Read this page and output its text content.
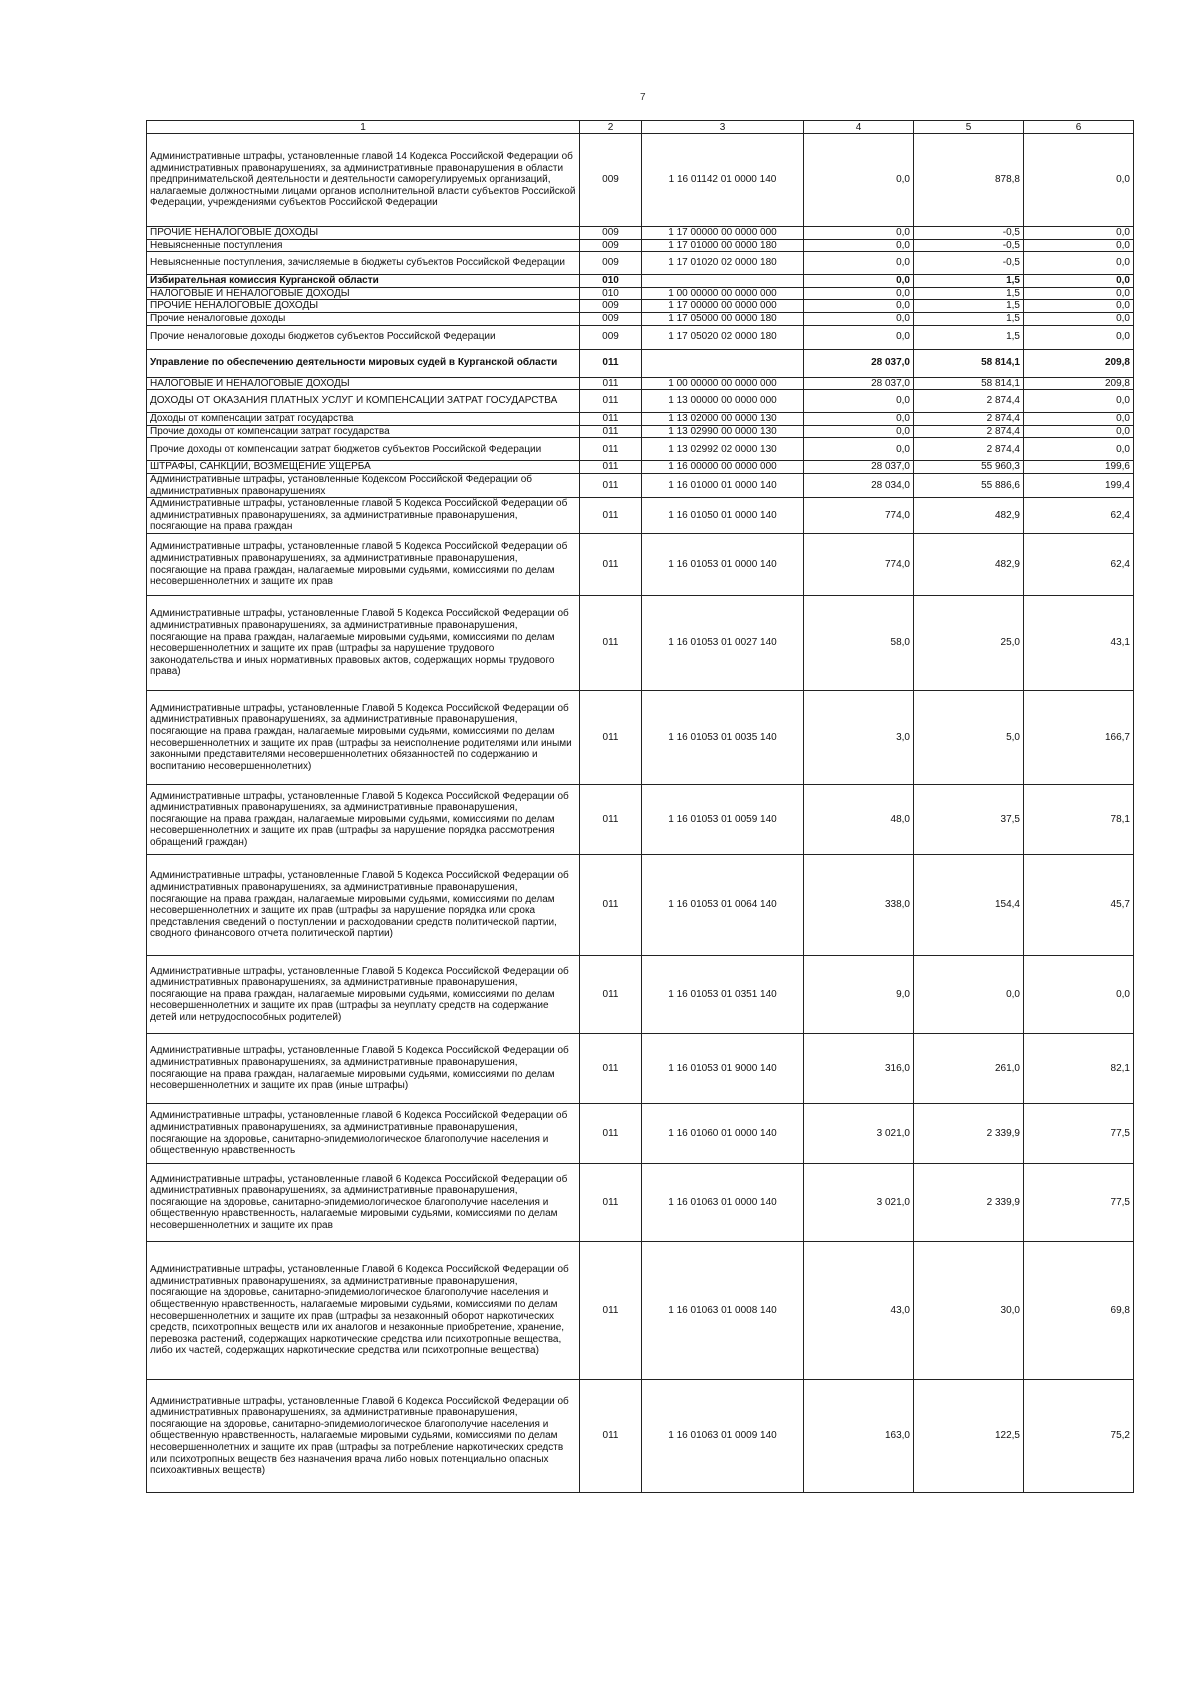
7
1	2	3	4	5	6
Административные штрафы, установленные главой 14 Кодекса Российской Федерации об административных правонарушениях, за административные правонарушения в области предпринимательской деятельности и деятельности саморегулируемых организаций, налагаемые должностными лицами органов исполнительной власти субъектов Российской Федерации, учреждениями субъектов Российской Федерации	009	1 16 01142 01 0000 140	0,0	878,8	0,0
ПРОЧИЕ НЕНАЛОГОВЫЕ ДОХОДЫ	009	1 17 00000 00 0000 000	0,0	-0,5	0,0
Невыясненные поступления	009	1 17 01000 00 0000 180	0,0	-0,5	0,0
Невыясненные поступления, зачисляемые в бюджеты субъектов Российской Федерации	009	1 17 01020 02 0000 180	0,0	-0,5	0,0
Избирательная комиссия Курганской области	010		0,0	1,5	0,0
НАЛОГОВЫЕ И НЕНАЛОГОВЫЕ ДОХОДЫ	010	1 00 00000 00 0000 000	0,0	1,5	0,0
ПРОЧИЕ НЕНАЛОГОВЫЕ ДОХОДЫ	009	1 17 00000 00 0000 000	0,0	1,5	0,0
Прочие неналоговые доходы	009	1 17 05000 00 0000 180	0,0	1,5	0,0
Прочие неналоговые доходы бюджетов субъектов Российской Федерации	009	1 17 05020 02 0000 180	0,0	1,5	0,0
Управление по обеспечению деятельности мировых судей в Курганской области	011		28 037,0	58 814,1	209,8
НАЛОГОВЫЕ И НЕНАЛОГОВЫЕ ДОХОДЫ	011	1 00 00000 00 0000 000	28 037,0	58 814,1	209,8
ДОХОДЫ ОТ ОКАЗАНИЯ ПЛАТНЫХ УСЛУГ И КОМПЕНСАЦИИ ЗАТРАТ ГОСУДАРСТВА	011	1 13 00000 00 0000 000	0,0	2 874,4	0,0
Доходы от компенсации затрат государства	011	1 13 02000 00 0000 130	0,0	2 874,4	0,0
Прочие доходы от компенсации затрат государства	011	1 13 02990 00 0000 130	0,0	2 874,4	0,0
Прочие доходы от компенсации затрат бюджетов субъектов Российской Федерации	011	1 13 02992 02 0000 130	0,0	2 874,4	0,0
ШТРАФЫ, САНКЦИИ, ВОЗМЕЩЕНИЕ УЩЕРБА	011	1 16 00000 00 0000 000	28 037,0	55 960,3	199,6
Административные штрафы, установленные Кодексом Российской Федерации об административных правонарушениях	011	1 16 01000 01 0000 140	28 034,0	55 886,6	199,4
Административные штрафы, установленные главой 5 Кодекса Российской Федерации об административных правонарушениях, за административные правонарушения, посягающие на права граждан	011	1 16 01050 01 0000 140	774,0	482,9	62,4
Административные штрафы, установленные главой 5 Кодекса Российской Федерации об административных правонарушениях, за административные правонарушения, посягающие на права граждан, налагаемые мировыми судьями, комиссиями по делам несовершеннолетних и защите их прав	011	1 16 01053 01 0000 140	774,0	482,9	62,4
Административные штрафы, установленные Главой 5 Кодекса Российской Федерации об административных правонарушениях, за административные правонарушения, посягающие на права граждан, налагаемые мировыми судьями, комиссиями по делам несовершеннолетних и защите их прав (штрафы за нарушение трудового законодательства и иных нормативных правовых актов, содержащих нормы трудового права)	011	1 16 01053 01 0027 140	58,0	25,0	43,1
Административные штрафы, установленные Главой 5 Кодекса Российской Федерации об административных правонарушениях, за административные правонарушения, посягающие на права граждан, налагаемые мировыми судьями, комиссиями по делам несовершеннолетних и защите их прав (штрафы за неисполнение родителями или иными законными представителями несовершеннолетних обязанностей по содержанию и воспитанию несовершеннолетних)	011	1 16 01053 01 0035 140	3,0	5,0	166,7
Административные штрафы, установленные Главой 5 Кодекса Российской Федерации об административных правонарушениях, за административные правонарушения, посягающие на права граждан, налагаемые мировыми судьями, комиссиями по делам несовершеннолетних и защите их прав (штрафы за нарушение порядка рассмотрения обращений граждан)	011	1 16 01053 01 0059 140	48,0	37,5	78,1
Административные штрафы, установленные Главой 5 Кодекса Российской Федерации об административных правонарушениях, за административные правонарушения, посягающие на права граждан, налагаемые мировыми судьями, комиссиями по делам несовершеннолетних и защите их прав (штрафы за нарушение порядка или срока представления сведений о поступлении и расходовании средств политической партии, сводного финансового отчета политической партии)	011	1 16 01053 01 0064 140	338,0	154,4	45,7
Административные штрафы, установленные Главой 5 Кодекса Российской Федерации об административных правонарушениях, за административные правонарушения, посягающие на права граждан, налагаемые мировыми судьями, комиссиями по делам несовершеннолетних и защите их прав (штрафы за неуплату средств на содержание детей или нетрудоспособных родителей)	011	1 16 01053 01 0351 140	9,0	0,0	0,0
Административные штрафы, установленные Главой 5 Кодекса Российской Федерации об административных правонарушениях, за административные правонарушения, посягающие на права граждан, налагаемые мировыми судьями, комиссиями по делам несовершеннолетних и защите их прав (иные штрафы)	011	1 16 01053 01 9000 140	316,0	261,0	82,1
Административные штрафы, установленные главой 6 Кодекса Российской Федерации об административных правонарушениях, за административные правонарушения, посягающие на здоровье, санитарно-эпидемиологическое благополучие населения и общественную нравственность	011	1 16 01060 01 0000 140	3 021,0	2 339,9	77,5
Административные штрафы, установленные главой 6 Кодекса Российской Федерации об административных правонарушениях, за административные правонарушения, посягающие на здоровье, санитарно-эпидемиологическое благополучие населения и общественную нравственность, налагаемые мировыми судьями, комиссиями по делам несовершеннолетних и защите их прав	011	1 16 01063 01 0000 140	3 021,0	2 339,9	77,5
Административные штрафы, установленные Главой 6 Кодекса Российской Федерации об административных правонарушениях, за административные правонарушения, посягающие на здоровье, санитарно-эпидемиологическое благополучие населения и общественную нравственность, налагаемые мировыми судьями, комиссиями по делам несовершеннолетних и защите их прав (штрафы за незаконный оборот наркотических средств, психотропных веществ или их аналогов и незаконные приобретение, хранение, перевозка растений, содержащих наркотические средства или психотропные вещества, либо их частей, содержащих наркотические средства или психотропные вещества)	011	1 16 01063 01 0008 140	43,0	30,0	69,8
Административные штрафы, установленные Главой 6 Кодекса Российской Федерации об административных правонарушениях, за административные правонарушения, посягающие на здоровье, санитарно-эпидемиологическое благополучие населения и общественную нравственность, налагаемые мировыми судьями, комиссиями по делам несовершеннолетних и защите их прав (штрафы за потребление наркотических средств или психотропных веществ без назначения врача либо новых потенциально опасных психоактивных веществ)	011	1 16 01063 01 0009 140	163,0	122,5	75,2
